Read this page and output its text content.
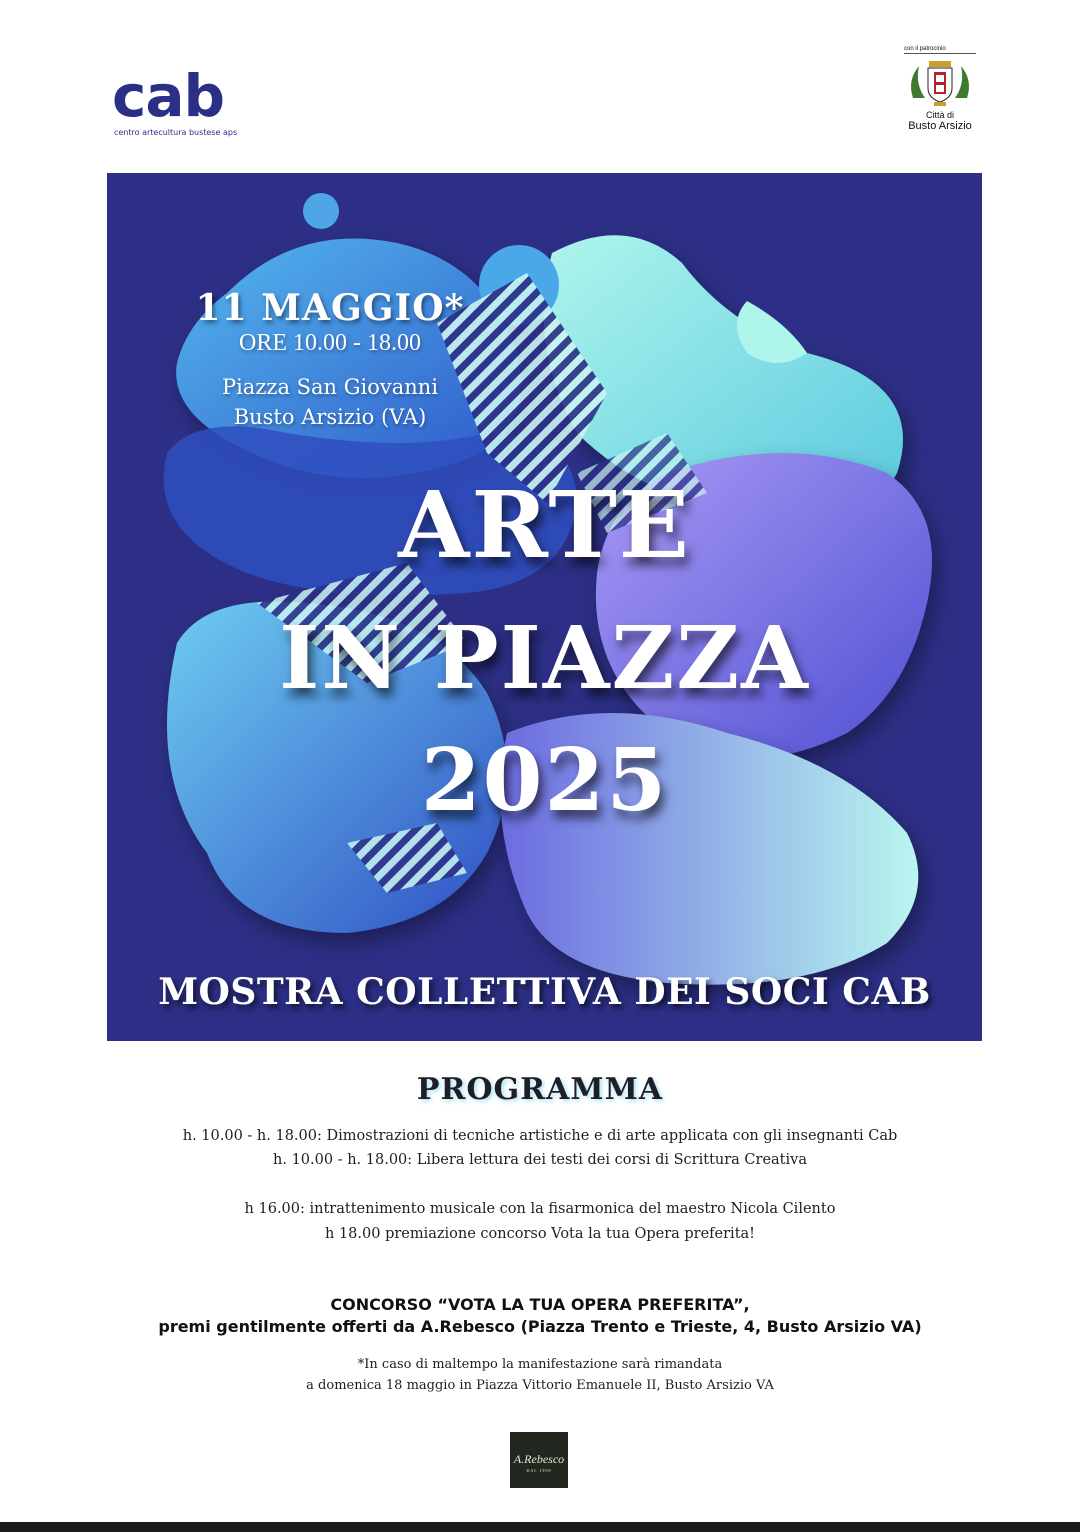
cab
centro artecultura bustese aps
con il patrocinio
Città di
Busto Arsizio
11 MAGGIO*
ORE 10.00 - 18.00
Piazza San Giovanni
Busto Arsizio (VA)
ARTE
IN PIAZZA
2025
MOSTRA COLLETTIVA DEI SOCI CAB
PROGRAMMA
h. 10.00 - h. 18.00: Dimostrazioni di tecniche artistiche e di arte applicata con gli insegnanti Cab
h. 10.00 - h. 18.00: Libera lettura dei testi dei corsi di Scrittura Creativa
h 16.00: intrattenimento musicale con la fisarmonica del maestro Nicola Cilento
h 18.00 premiazione concorso Vota la tua Opera preferita!
CONCORSO “VOTA LA TUA OPERA PREFERITA”,
premi gentilmente offerti da A.Rebesco (Piazza Trento e Trieste, 4, Busto Arsizio VA)
*In caso di maltempo la manifestazione sarà rimandata
a domenica 18 maggio in Piazza Vittorio Emanuele II, Busto Arsizio VA
A.Rebesco
DAL 1898
